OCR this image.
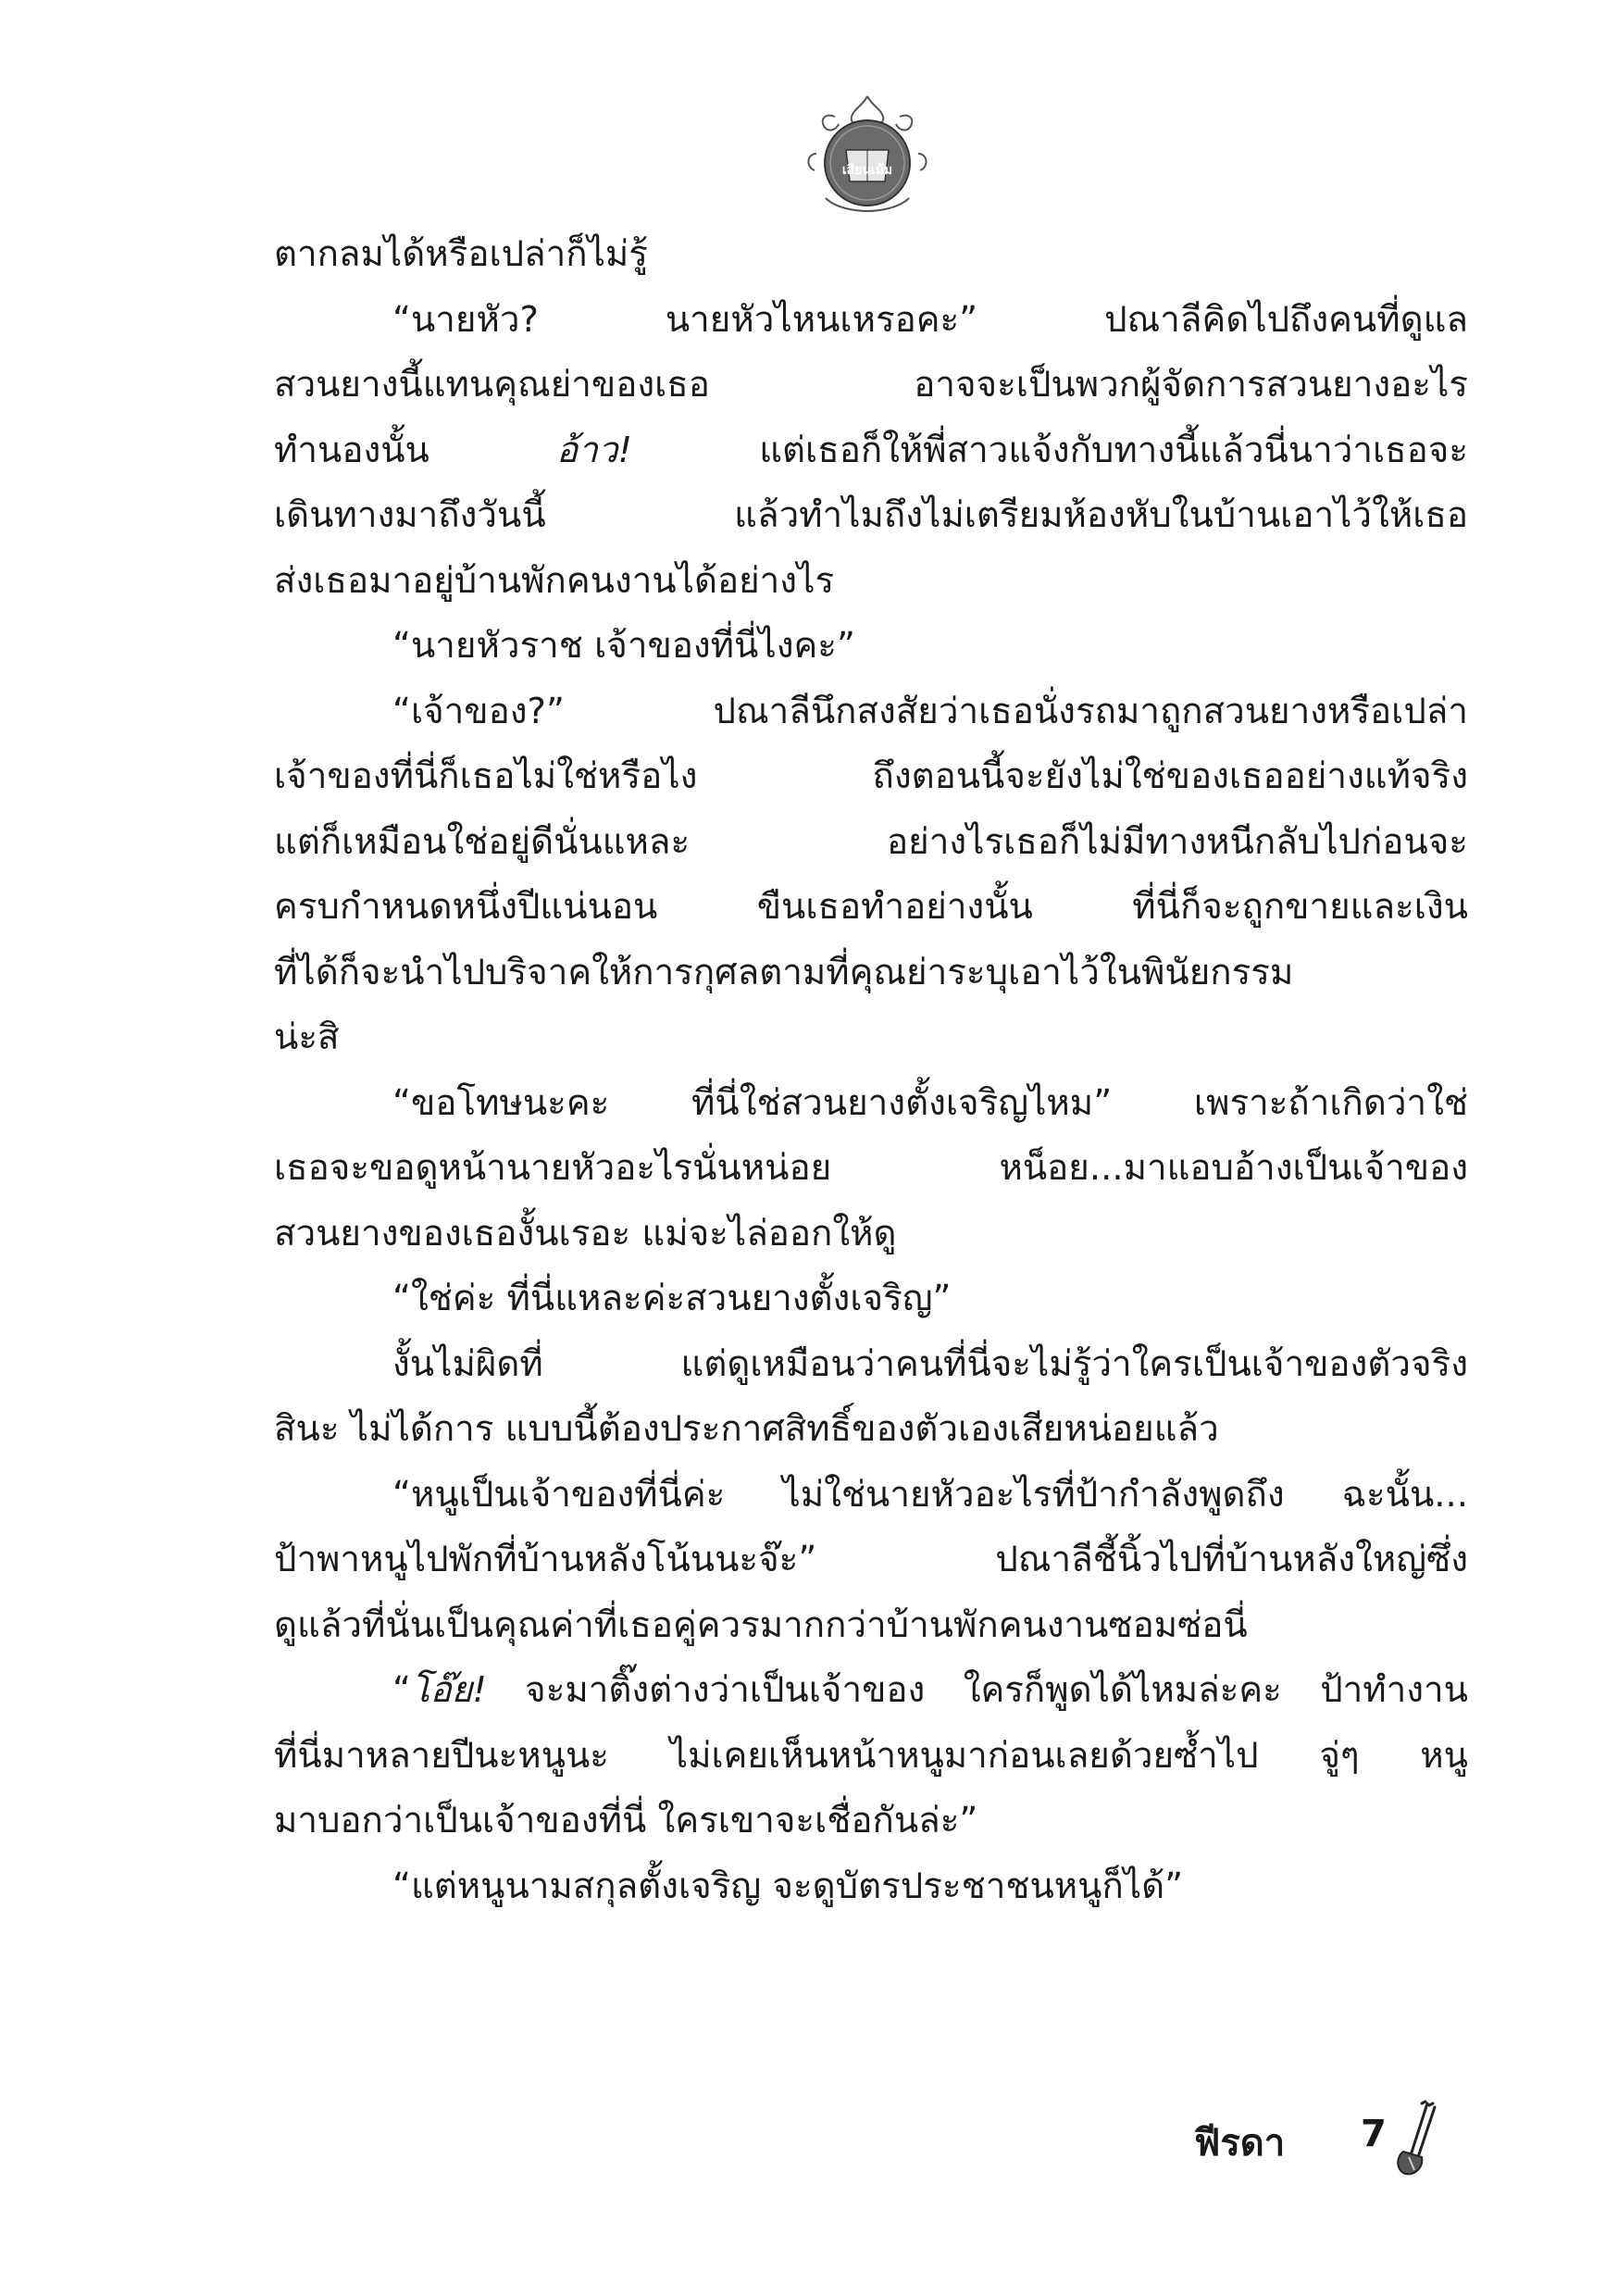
เสียนเม้ม
ตากลมได้หรือเปล่าก็ไม่รู้
“นายหัว? นายหัวไหนเหรอคะ” ปณาลีคิดไปถึงคนที่ดูแล
สวนยางนี้แทนคุณย่าของเธอ อาจจะเป็นพวกผู้จัดการสวนยางอะไร
ทำนองนั้น อ้าว! แต่เธอก็ให้พี่สาวแจ้งกับทางนี้แล้วนี่นาว่าเธอจะ
เดินทางมาถึงวันนี้ แล้วทำไมถึงไม่เตรียมห้องหับในบ้านเอาไว้ให้เธอ
ส่งเธอมาอยู่บ้านพักคนงานได้อย่างไร
“นายหัวราช เจ้าของที่นี่ไงคะ”
“เจ้าของ?” ปณาลีนึกสงสัยว่าเธอนั่งรถมาถูกสวนยางหรือเปล่า
เจ้าของที่นี่ก็เธอไม่ใช่หรือไง ถึงตอนนี้จะยังไม่ใช่ของเธออย่างแท้จริง
แต่ก็เหมือนใช่อยู่ดีนั่นแหละ อย่างไรเธอก็ไม่มีทางหนีกลับไปก่อนจะ
ครบกำหนดหนึ่งปีแน่นอน ขืนเธอทำอย่างนั้น ที่นี่ก็จะถูกขายและเงิน
ที่ได้ก็จะนำไปบริจาคให้การกุศลตามที่คุณย่าระบุเอาไว้ในพินัยกรรม
น่ะสิ
“ขอโทษนะคะ ที่นี่ใช่สวนยางตั้งเจริญไหม” เพราะถ้าเกิดว่าใช่
เธอจะขอดูหน้านายหัวอะไรนั่นหน่อย หน็อย...มาแอบอ้างเป็นเจ้าของ
สวนยางของเธองั้นเรอะ แม่จะไล่ออกให้ดู
“ใช่ค่ะ ที่นี่แหละค่ะสวนยางตั้งเจริญ”
งั้นไม่ผิดที่ แต่ดูเหมือนว่าคนที่นี่จะไม่รู้ว่าใครเป็นเจ้าของตัวจริง
สินะ ไม่ได้การ แบบนี้ต้องประกาศสิทธิ์ของตัวเองเสียหน่อยแล้ว
“หนูเป็นเจ้าของที่นี่ค่ะ ไม่ใช่นายหัวอะไรที่ป้ากำลังพูดถึง ฉะนั้น...
ป้าพาหนูไปพักที่บ้านหลังโน้นนะจ๊ะ” ปณาลีชี้นิ้วไปที่บ้านหลังใหญ่ซึ่ง
ดูแล้วที่นั่นเป็นคุณค่าที่เธอคู่ควรมากกว่าบ้านพักคนงานซอมซ่อนี่
“โอ๊ย! จะมาติ๊งต่างว่าเป็นเจ้าของ ใครก็พูดได้ไหมล่ะคะ ป้าทำงาน
ที่นี่มาหลายปีนะหนูนะ ไม่เคยเห็นหน้าหนูมาก่อนเลยด้วยซ้ำไป จู่ๆ หนู
มาบอกว่าเป็นเจ้าของที่นี่ ใครเขาจะเชื่อกันล่ะ”
“แต่หนูนามสกุลตั้งเจริญ จะดูบัตรประชาชนหนูก็ได้”
ฟีรดา 7
